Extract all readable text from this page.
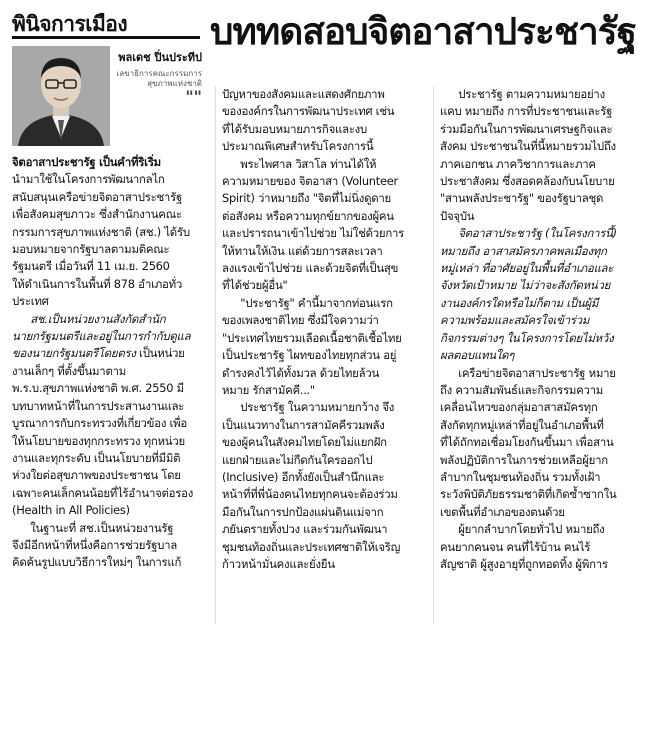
พินิจการเมือง บททดสอบจิตอาสาประชารัฐ
พลเดช ปิ่นประทีป
เลขาธิการคณะกรรมการ
สุขภาพแห่งชาติ
""
จิตอาสาประชารัฐ เป็นคำที่ริเริ่ม
นำมาใช้ในโครงการพัฒนากลไก
สนับสนุนเครือข่ายจิตอาสาประชารัฐ
เพื่อสังคมสุขภาวะ ซึ่งสำนักงานคณะ
กรรมการสุขภาพแห่งชาติ (สช.) ได้รับ
มอบหมายจากรัฐบาลตามมติคณะ
รัฐมนตรี เมื่อวันที่ 11 เม.ย. 2560
ให้ดำเนินการในพื้นที่ 878 อำเภอทั่ว
ประเทศ
สช.เป็นหน่วยงานสังกัดสำนัก
นายกรัฐมนตรีและอยู่ในการกำกับดูแล
ของนายกรัฐมนตรีโดยตรง เป็นหน่วย
งานเล็กๆ ที่ตั้งขึ้นมาตาม
พ.ร.บ.สุขภาพแห่งชาติ พ.ศ. 2550 มี
บทบาทหน้าที่ในการประสานงานและ
บูรณาการกับกระทรวงที่เกี่ยวข้อง เพื่อ
ให้นโยบายของทุกกระทรวง ทุกหน่วย
งานและทุกระดับ เป็นนโยบายที่มีมิติ
ห่วงใยต่อสุขภาพของประชาชน โดย
เฉพาะคนเล็กคนน้อยที่ไร้อำนาจต่อรอง
(Health in All Policies)
ในฐานะที่ สช.เป็นหน่วยงานรัฐ
จึงมีอีกหน้าที่หนึ่งคือการช่วยรัฐบาล
คิดค้นรูปแบบวิธีการใหม่ๆ ในการแก้
ปัญหาของสังคมและแสดงศักยภาพ
ขององค์กรในการพัฒนาประเทศ เช่น
ที่ได้รับมอบหมายภารกิจและงบ
ประมาณพิเศษสำหรับโครงการนี้
พระไพศาล วิสาโล ท่านได้ให้
ความหมายของ จิตอาสา (Volunteer
Spirit) ว่าหมายถึง "จิตที่ไม่นิ่งดูดาย
ต่อสังคม หรือความทุกข์ยากของผู้คน
และปรารถนาเข้าไปช่วย ไม่ใช่ด้วยการ
ให้ทานให้เงิน แต่ด้วยการสละเวลา
ลงแรงเข้าไปช่วย และด้วยจิตที่เป็นสุข
ที่ได้ช่วยผู้อื่น"
"ประชารัฐ" คำนี้มาจากท่อนแรก
ของเพลงชาติไทย ซึ่งมีใจความว่า
"ประเทศไทยรวมเลือดเนื้อชาติเชื้อไทย
เป็นประชารัฐ ไผทของไทยทุกส่วน อยู่
ดำรงคงไว้ได้ทั้งมวล ด้วยไทยล้วน
หมาย รักสามัคคี..."
ประชารัฐ ในความหมายกว้าง จึง
เป็นแนวทางในการสามัคคีรวมพลัง
ของผู้คนในสังคมไทยโดยไม่แยกฝัก
แยกฝ่ายและไม่กีดกันใครออกไป
(Inclusive) อีกทั้งยังเป็นสำนึกและ
หน้าที่ที่พี่น้องคนไทยทุกคนจะต้องร่วม
มือกันในการปกป้องแผ่นดินแม่จาก
ภยันตรายทั้งปวง และร่วมกันพัฒนา
ชุมชนท้องถิ่นและประเทศชาติให้เจริญ
ก้าวหน้ามั่นคงและยั่งยืน
ประชารัฐ ตามความหมายอย่าง
แคบ หมายถึง การที่ประชาชนและรัฐ
ร่วมมือกันในการพัฒนาเศรษฐกิจและ
สังคม ประชาชนในที่นี้หมายรวมไปถึง
ภาคเอกชน ภาควิชาการและภาค
ประชาสังคม ซึ่งสอดคล้องกับนโยบาย
"สานพลังประชารัฐ" ของรัฐบาลชุด
ปัจจุบัน
จิตอาสาประชารัฐ (ในโครงการนี้)
หมายถึง อาสาสมัครภาคพลเมืองทุก
หมู่เหล่า ที่อาศัยอยู่ในพื้นที่อำเภอและ
จังหวัดเป้าหมาย ไม่ว่าจะสังกัดหน่วย
งานองค์กรใดหรือไม่ก็ตาม เป็นผู้มี
ความพร้อมและสมัครใจเข้าร่วม
กิจกรรมต่างๆ ในโครงการโดยไม่หวัง
ผลตอบแทนใดๆ
เครือข่ายจิตอาสาประชารัฐ หมาย
ถึง ความสัมพันธ์และกิจกรรมความ
เคลื่อนไหวของกลุ่มอาสาสมัครทุก
สังกัดทุกหมู่เหล่าที่อยู่ในอำเภอพื้นที่
ที่ได้ถักทอเชื่อมโยงกันขึ้นมา เพื่อสาน
พลังปฏิบัติการในการช่วยเหลือผู้ยาก
ลำบากในชุมชนท้องถิ่น รวมทั้งเฝ้า
ระวังพิบัติภัยธรรมชาติที่เกิดซ้ำซากใน
เขตพื้นที่อำเภอของตนด้วย
ผู้ยากลำบากโดยทั่วไป หมายถึง
คนยากคนจน คนที่ไร้บ้าน คนไร้
สัญชาติ ผู้สูงอายุที่ถูกทอดทิ้ง ผู้พิการ
